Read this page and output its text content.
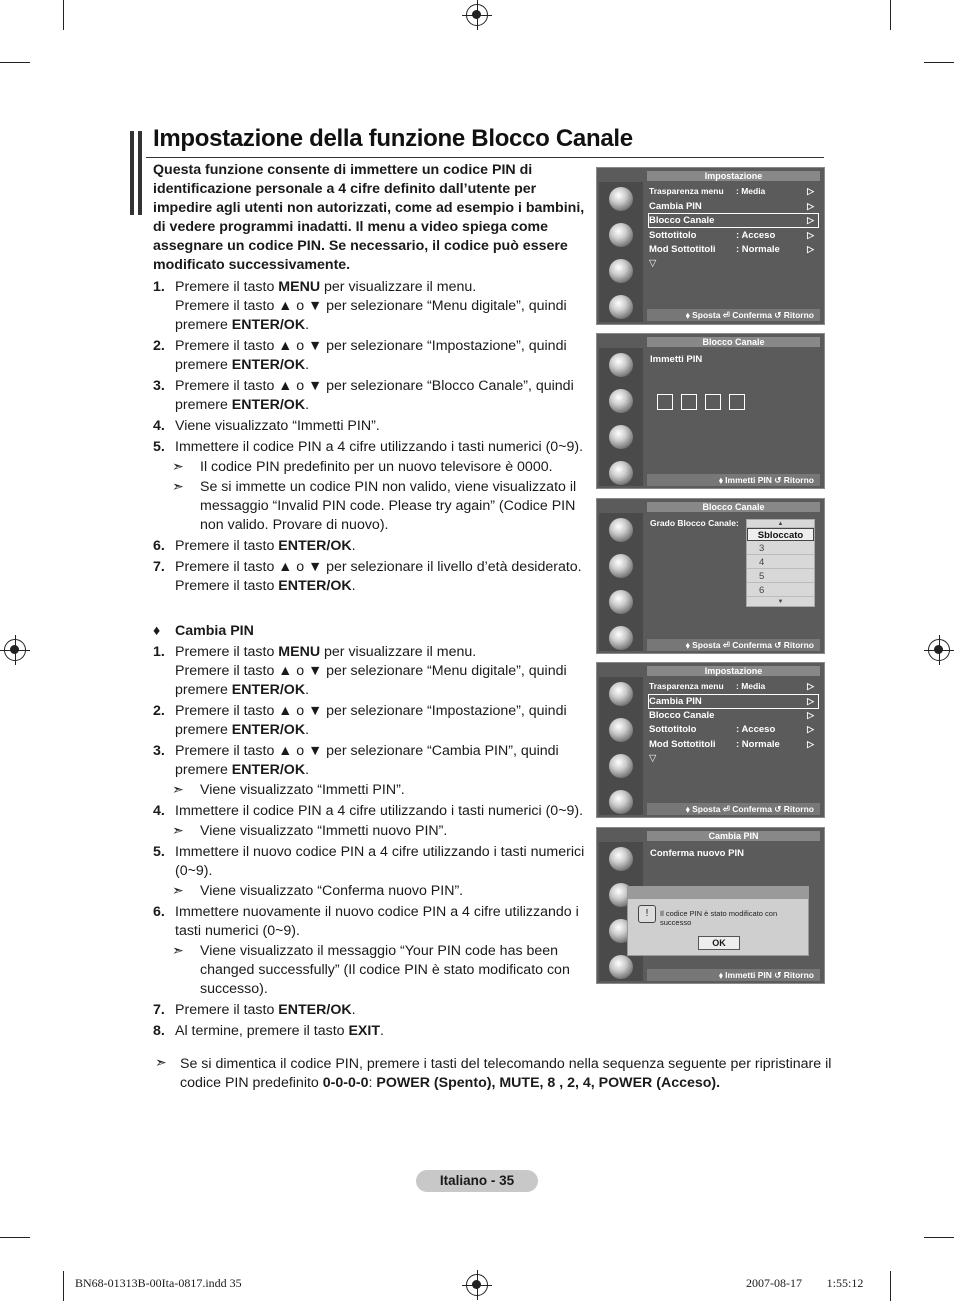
Impostazione della funzione Blocco Canale
Questa funzione consente di immettere un codice PIN di identificazione personale a 4 cifre definito dall’utente per impedire agli utenti non autorizzati, come ad esempio i bambini, di vedere programmi inadatti. Il menu a video spiega come assegnare un codice PIN. Se necessario, il codice può essere modificato successivamente.
1. Premere il tasto MENU per visualizzare il menu.
Premere il tasto ▲ o ▼ per selezionare “Menu digitale”, quindi premere ENTER/OK.
2. Premere il tasto ▲ o ▼ per selezionare “Impostazione”, quindi premere ENTER/OK.
3. Premere il tasto ▲ o ▼ per selezionare “Blocco Canale”, quindi premere ENTER/OK.
4. Viene visualizzato “Immetti PIN”.
5. Immettere il codice PIN a 4 cifre utilizzando i tasti numerici (0~9).
➣ Il codice PIN predefinito per un nuovo televisore è 0000.
➣ Se si immette un codice PIN non valido, viene visualizzato il messaggio “Invalid PIN code. Please try again” (Codice PIN non valido. Provare di nuovo).
6. Premere il tasto ENTER/OK.
7. Premere il tasto ▲ o ▼ per selezionare il livello d’età desiderato. Premere il tasto ENTER/OK.
♦ Cambia PIN
1. Premere il tasto MENU per visualizzare il menu.
Premere il tasto ▲ o ▼ per selezionare “Menu digitale”, quindi premere ENTER/OK.
2. Premere il tasto ▲ o ▼ per selezionare “Impostazione”, quindi premere ENTER/OK.
3. Premere il tasto ▲ o ▼ per selezionare “Cambia PIN”, quindi premere ENTER/OK.
➣ Viene visualizzato “Immetti PIN”.
4. Immettere il codice PIN a 4 cifre utilizzando i tasti numerici (0~9).
➣ Viene visualizzato “Immetti nuovo PIN”.
5. Immettere il nuovo codice PIN a 4 cifre utilizzando i tasti numerici (0~9).
➣ Viene visualizzato “Conferma nuovo PIN”.
6. Immettere nuovamente il nuovo codice PIN a 4 cifre utilizzando i tasti numerici (0~9).
➣ Viene visualizzato il messaggio “Your PIN code has been changed successfully” (Il codice PIN è stato modificato con successo).
7. Premere il tasto ENTER/OK.
8. Al termine, premere il tasto EXIT.
➣ Se si dimentica il codice PIN, premere i tasti del telecomando nella sequenza seguente per ripristinare il codice PIN predefinito 0-0-0-0: POWER (Spento), MUTE, 8 , 2, 4, POWER (Acceso).
Impostazione
Trasparenza menu : Media	▷
Cambia PIN	▷
Blocco Canale	▷
Sottotitolo	: Acceso	▷
Mod Sottotitoli : Normale	▷
▽
⬧ Sposta ⏎ Conferma ↺ Ritorno
Blocco Canale
Immetti PIN
⬧ Immetti PIN ↺ Ritorno
Blocco Canale
Grado Blocco Canale:	▲
Sbloccato
3
4
5
6
▼
⬧ Sposta ⏎ Conferma ↺ Ritorno
Impostazione
Trasparenza menu : Media	▷
Cambia PIN	▷
Blocco Canale	▷
Sottotitolo	: Acceso	▷
Mod Sottotitoli : Normale	▷
▽
⬧ Sposta ⏎ Conferma ↺ Ritorno
Cambia PIN
Conferma nuovo PIN
!	Il codice PIN è stato modificato con successo
OK
⬧ Immetti PIN ↺ Ritorno
Italiano - 35
BN68-01313B-00Ita-0817.indd 35	2007-08-17 􀀀􀀀 1:55:12
